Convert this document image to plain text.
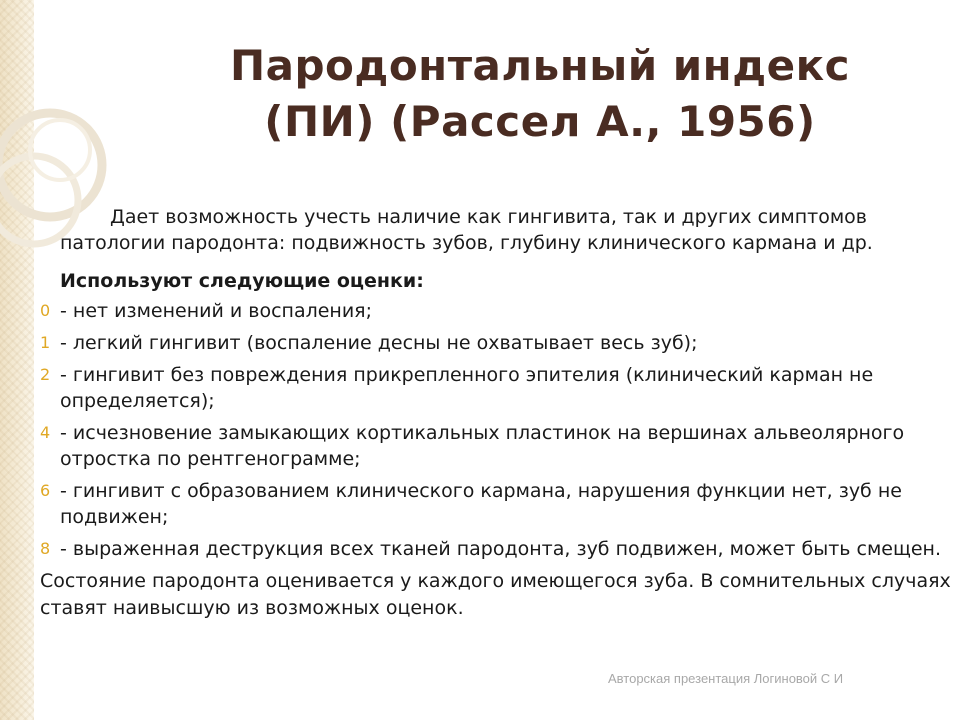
Пародонтальный индекс
(ПИ) (Рассел А., 1956)

Дает возможность учесть наличие как гингивита, так и других симптомов патологии пародонта: подвижность зубов, глубину клинического кармана и др.

Используют следующие оценки:

0 - нет изменений и воспаления;
1 - легкий гингивит (воспаление десны не охватывает весь зуб);
2 - гингивит без повреждения прикрепленного эпителия (клинический карман не определяется);
4 - исчезновение замыкающих кортикальных пластинок на вершинах альвеолярного отростка по рентгенограмме;
6 - гингивит с образованием клинического кармана, нарушения функции нет, зуб не подвижен;
8 - выраженная деструкция всех тканей пародонта, зуб подвижен, может быть смещен.

Состояние пародонта оценивается у каждого имеющегося зуба. В сомнительных случаях ставят наивысшую из возможных оценок.

Авторская презентация Логиновой С И
